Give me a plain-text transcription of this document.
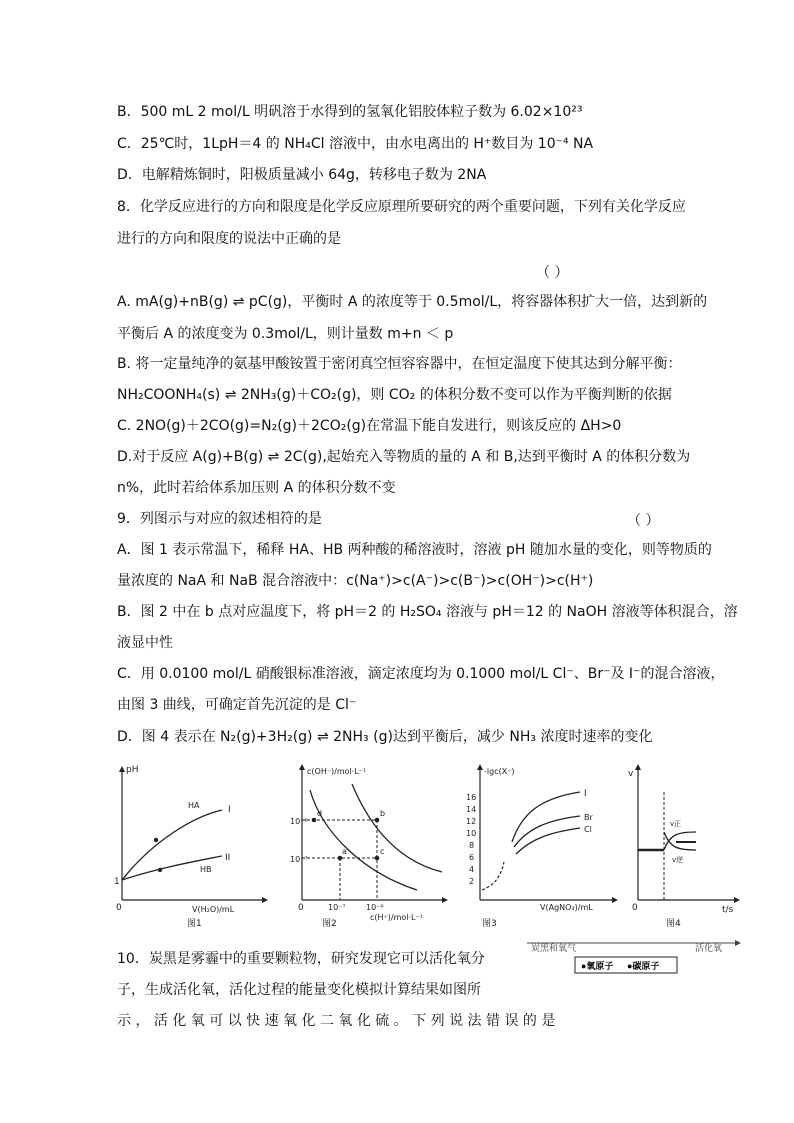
B．500 mL 2 mol/L 明矾溶于水得到的氢氧化铝胶体粒子数为 6.02×10²³
C．25℃时，1LpH＝4 的 NH₄Cl 溶液中，由水电离出的 H⁺数目为 10⁻⁴ NA
D．电解精炼铜时，阳极质量减小 64g，转移电子数为 2NA
8．化学反应进行的方向和限度是化学反应原理所要研究的两个重要问题，下列有关化学反应
进行的方向和限度的说法中正确的是
（ ）
A. mA(g)+nB(g) ⇌ pC(g)，平衡时 A 的浓度等于 0.5mol/L，将容器体积扩大一倍，达到新的
平衡后 A 的浓度变为 0.3mol/L，则计量数 m+n ＜ p
B. 将一定量纯净的氨基甲酸铵置于密闭真空恒容容器中，在恒定温度下使其达到分解平衡：
NH₂COONH₄(s) ⇌ 2NH₃(g)＋CO₂(g)，则 CO₂ 的体积分数不变可以作为平衡判断的依据
C. 2NO(g)＋2CO(g)=N₂(g)＋2CO₂(g)在常温下能自发进行，则该反应的 ΔH>0
D.对于反应 A(g)+B(g) ⇌ 2C(g),起始充入等物质的量的 A 和 B,达到平衡时 A 的体积分数为
n%，此时若给体系加压则 A 的体积分数不变
9．列图示与对应的叙述相符的是	（ ）
A．图 1 表示常温下，稀释 HA、HB 两种酸的稀溶液时，溶液 pH 随加水量的变化，则等物质的
量浓度的 NaA 和 NaB 混合溶液中：c(Na⁺)>c(A⁻)>c(B⁻)>c(OH⁻)>c(H⁺)
B．图 2 中在 b 点对应温度下，将 pH＝2 的 H₂SO₄ 溶液与 pH＝12 的 NaOH 溶液等体积混合，溶
液显中性
C．用 0.0100 mol/L 硝酸银标准溶液，滴定浓度均为 0.1000 mol/L Cl⁻、Br⁻及 I⁻的混合溶液，
由图 3 曲线，可确定首先沉淀的是 Cl⁻
D．图 4 表示在 N₂(g)+3H₂(g) ⇌ 2NH₃ (g)达到平衡后，减少 NH₃ 浓度时速率的变化
pH
0
1
HA	I
HB
II
V(H₂O)/mL
图1
c(OH⁻)/mol·L⁻¹
0
10⁻⁶
10⁻⁷
10⁻⁷	10⁻⁶
d	b
a	c
c(H⁺)/mol·L⁻¹
图2
-lgc(X⁻)
16
14
12
10
8
6
4
2
I
Br
Cl
V(AgNO₃)/mL
图3
v
0
v正
v逆
t/s
图4
10．炭黑是雾霾中的重要颗粒物，研究发现它可以活化氧分
子，生成活化氧，活化过程的能量变化模拟计算结果如图所
示 ， 活 化 氧 可 以 快 速 氧 化 二 氧 化 硫 。 下 列 说 法 错 误 的 是
炭黑和氧气	活化氧
●氧原子 ●碳原子
